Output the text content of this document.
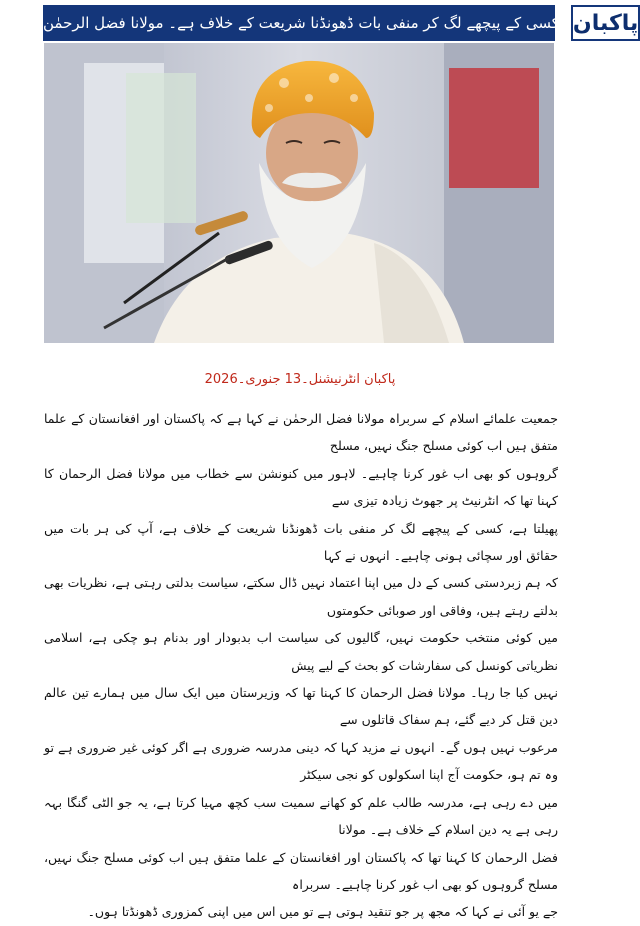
کسی کے پیچھے لگ کر منفی بات ڈھونڈنا شریعت کے خلاف ہے۔ مولانا فضل الرحمٰن پاکبان
پاکبان انٹرنیشنل۔13 جنوری۔2026
جمعیت علمائے اسلام کے سربراہ مولانا فضل الرحمٰن نے کہا ہے کہ پاکستان اور افغانستان کے علما متفق ہیں اب کوئی مسلح جنگ نہیں، مسلح
گروہوں کو بھی اب غور کرنا چاہیے۔ لاہور میں کنونشن سے خطاب میں مولانا فضل الرحمان کا کہنا تھا کہ انٹرنیٹ پر جھوٹ زیادہ تیزی سے
پھیلتا ہے، کسی کے پیچھے لگ کر منفی بات ڈھونڈنا شریعت کے خلاف ہے، آپ کی ہر بات میں حقائق اور سچائی ہونی چاہیے۔ انہوں نے کہا
کہ ہم زبردستی کسی کے دل میں اپنا اعتماد نہیں ڈال سکتے، سیاست بدلتی رہتی ہے، نظریات بھی بدلتے رہتے ہیں، وفاقی اور صوبائی حکومتوں
میں کوئی منتخب حکومت نہیں، گالیوں کی سیاست اب بدبودار اور بدنام ہو چکی ہے، اسلامی نظریاتی کونسل کی سفارشات کو بحث کے لیے پیش
نہیں کیا جا رہا۔ مولانا فضل الرحمان کا کہنا تھا کہ وزیرستان میں ایک سال میں ہمارے تین عالم دین قتل کر دیے گئے، ہم سفاک قاتلوں سے
مرعوب نہیں ہوں گے۔ انہوں نے مزید کہا کہ دینی مدرسہ ضروری ہے اگر کوئی غیر ضروری ہے تو وہ تم ہو، حکومت آج اپنا اسکولوں کو نجی سیکٹر
میں دے رہی ہے، مدرسہ طالب علم کو کھانے سمیت سب کچھ مہیا کرتا ہے، یہ جو الٹی گنگا بہہ رہی ہے یہ دین اسلام کے خلاف ہے۔ مولانا
فضل الرحمان کا کہنا تھا کہ پاکستان اور افغانستان کے علما متفق ہیں اب کوئی مسلح جنگ نہیں، مسلح گروہوں کو بھی اب غور کرنا چاہیے۔ سربراہ
جے یو آئی نے کہا کہ مجھ پر جو تنقید ہوتی ہے تو میں اس میں اپنی کمزوری ڈھونڈتا ہوں۔
